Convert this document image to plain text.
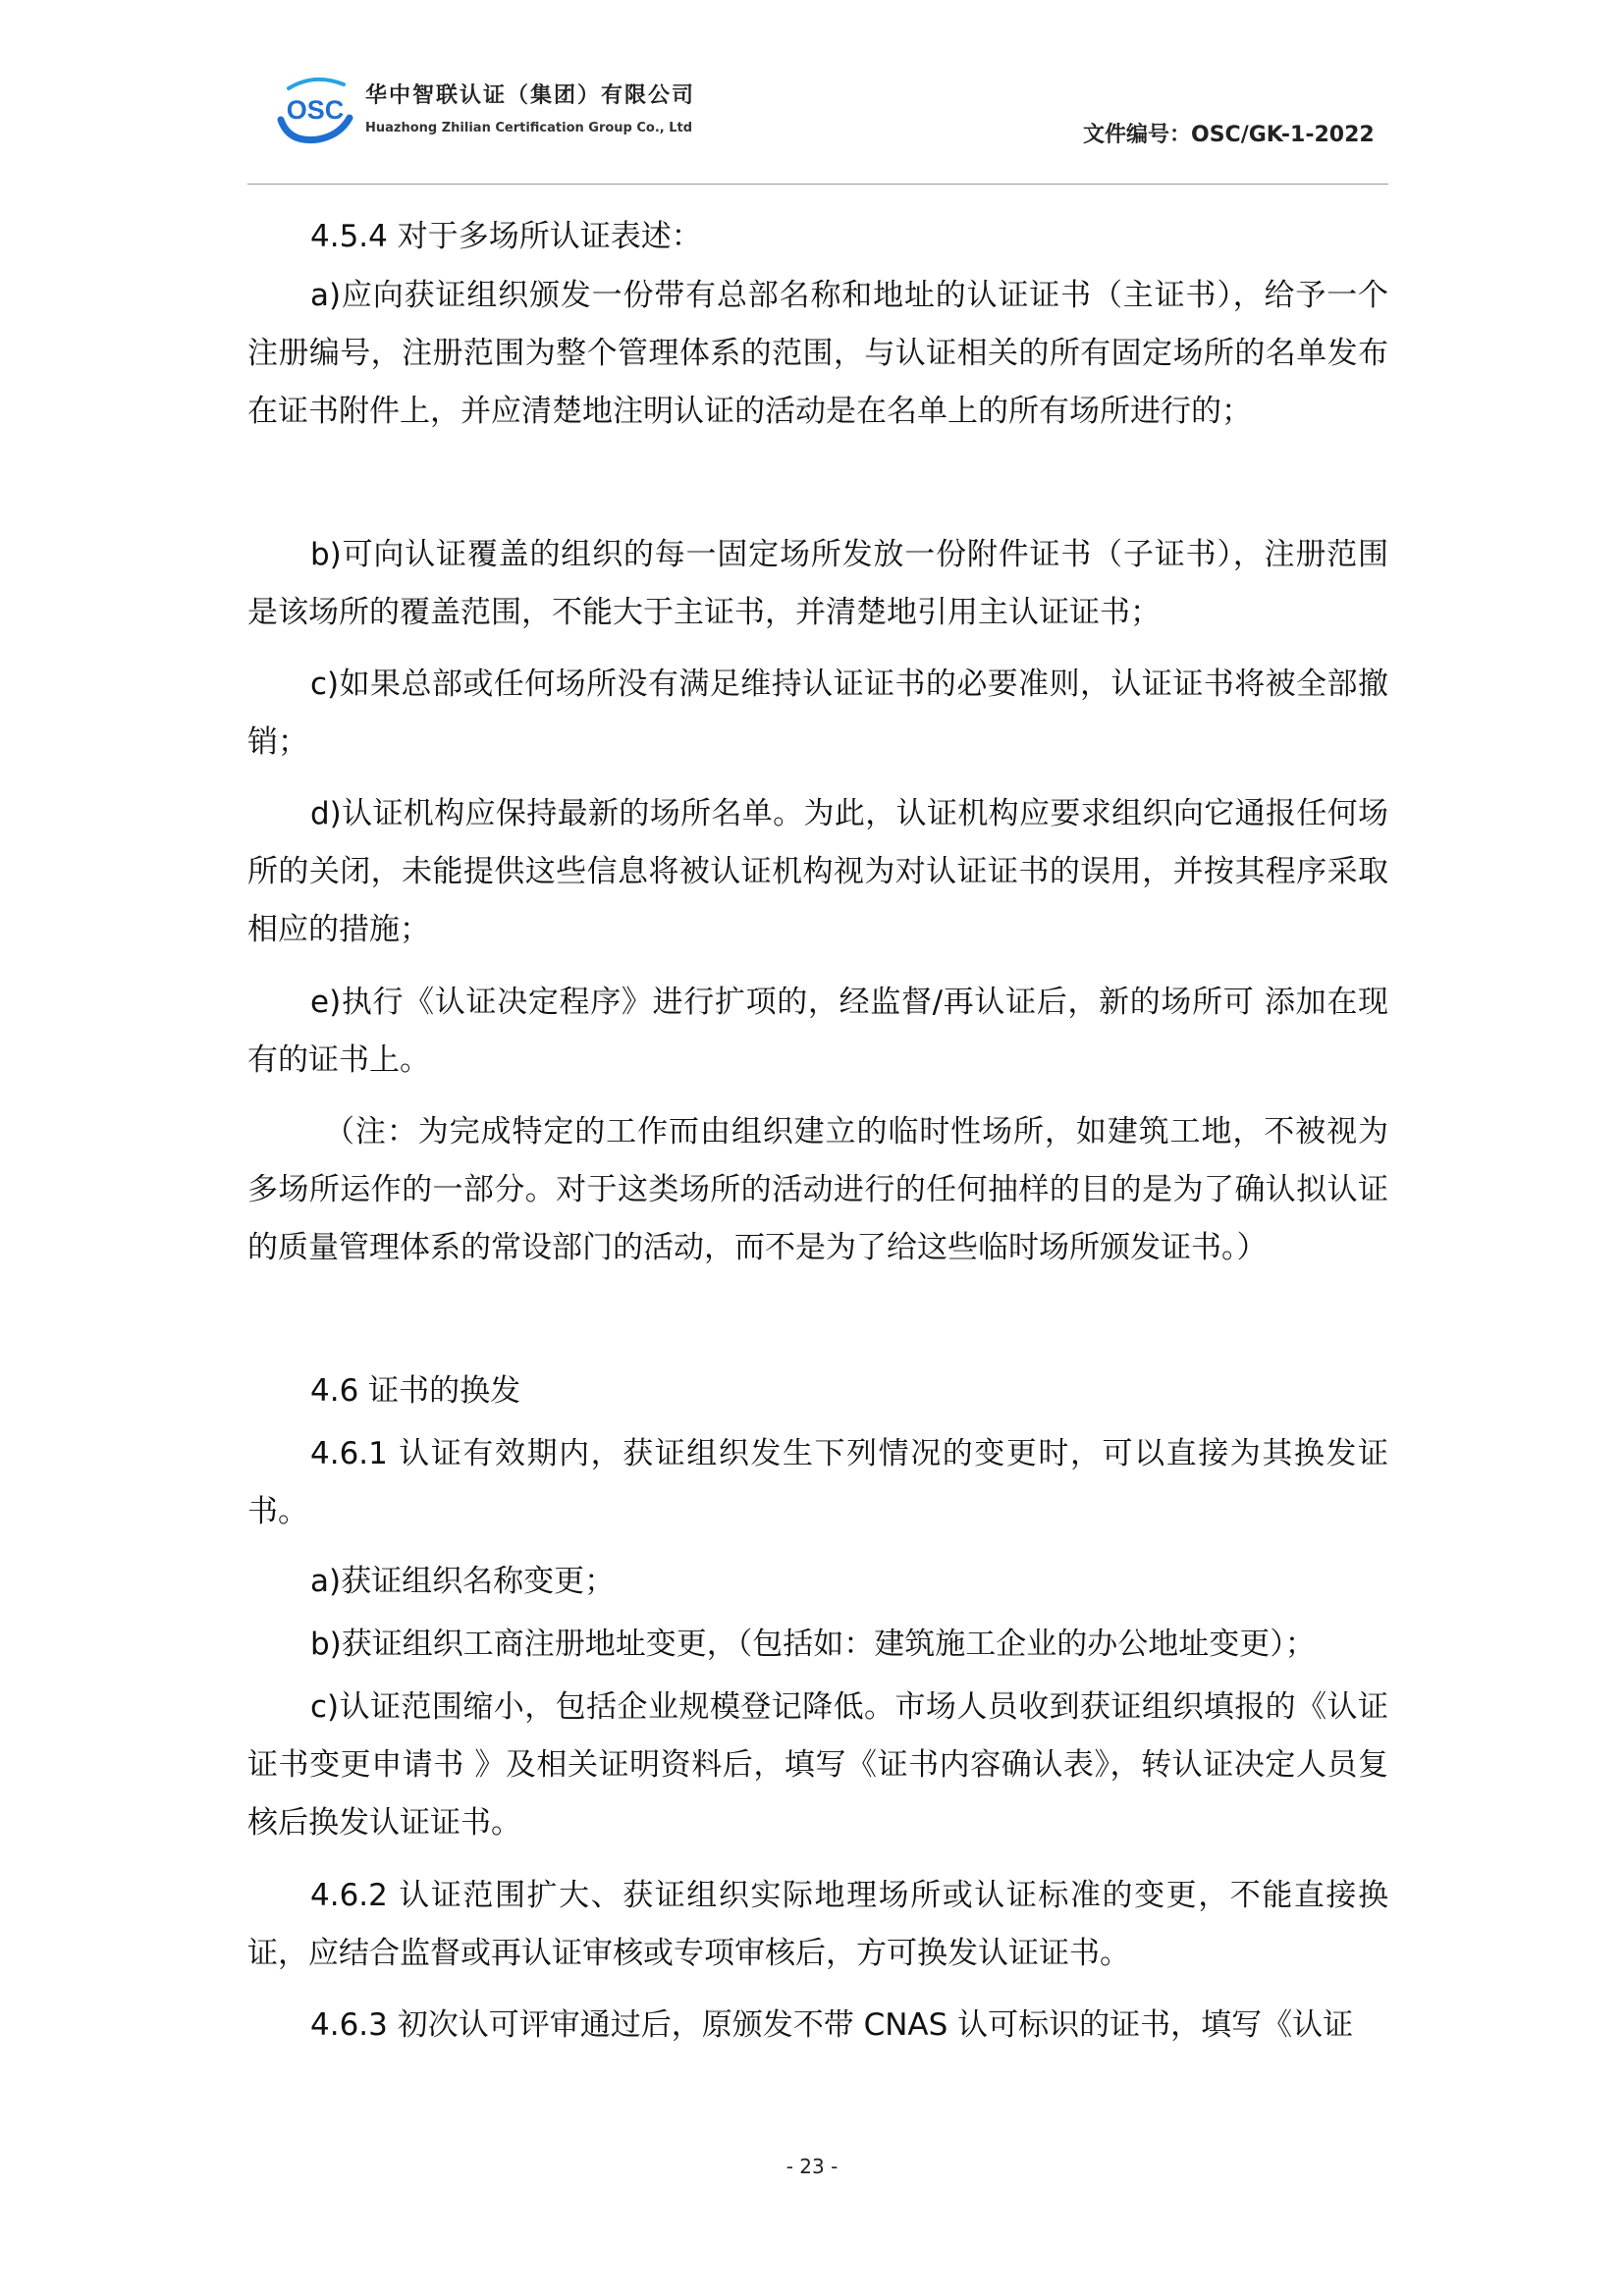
OSC 华中智联认证（集团）有限公司
Huazhong Zhilian Certification Group Co., Ltd	文件编号：OSC/GK-1-2022

4.5.4 对于多场所认证表述：

a)应向获证组织颁发一份带有总部名称和地址的认证证书（主证书），给予一个注册编号，注册范围为整个管理体系的范围，与认证相关的所有固定场所的名单发布在证书附件上，并应清楚地注明认证的活动是在名单上的所有场所进行的；

b)可向认证覆盖的组织的每一固定场所发放一份附件证书（子证书），注册范围是该场所的覆盖范围，不能大于主证书，并清楚地引用主认证证书；

c)如果总部或任何场所没有满足维持认证证书的必要准则，认证证书将被全部撤销；

d)认证机构应保持最新的场所名单。为此，认证机构应要求组织向它通报任何场所的关闭，未能提供这些信息将被认证机构视为对认证证书的误用，并按其程序采取相应的措施；

e)执行《认证决定程序》进行扩项的，经监督/再认证后，新的场所可 添加在现有的证书上。

（注：为完成特定的工作而由组织建立的临时性场所，如建筑工地，不被视为多场所运作的一部分。对于这类场所的活动进行的任何抽样的目的是为了确认拟认证的质量管理体系的常设部门的活动，而不是为了给这些临时场所颁发证书。）

4.6 证书的换发

4.6.1 认证有效期内，获证组织发生下列情况的变更时，可以直接为其换发证书。

a)获证组织名称变更；

b)获证组织工商注册地址变更，（包括如：建筑施工企业的办公地址变更）；

c)认证范围缩小，包括企业规模登记降低。市场人员收到获证组织填报的《认证证书变更申请书 》及相关证明资料后，填写《证书内容确认表》，转认证决定人员复核后换发认证证书。

4.6.2 认证范围扩大、获证组织实际地理场所或认证标准的变更，不能直接换证，应结合监督或再认证审核或专项审核后，方可换发认证证书。

4.6.3 初次认可评审通过后，原颁发不带 CNAS 认可标识的证书，填写《认证

- 23 -
